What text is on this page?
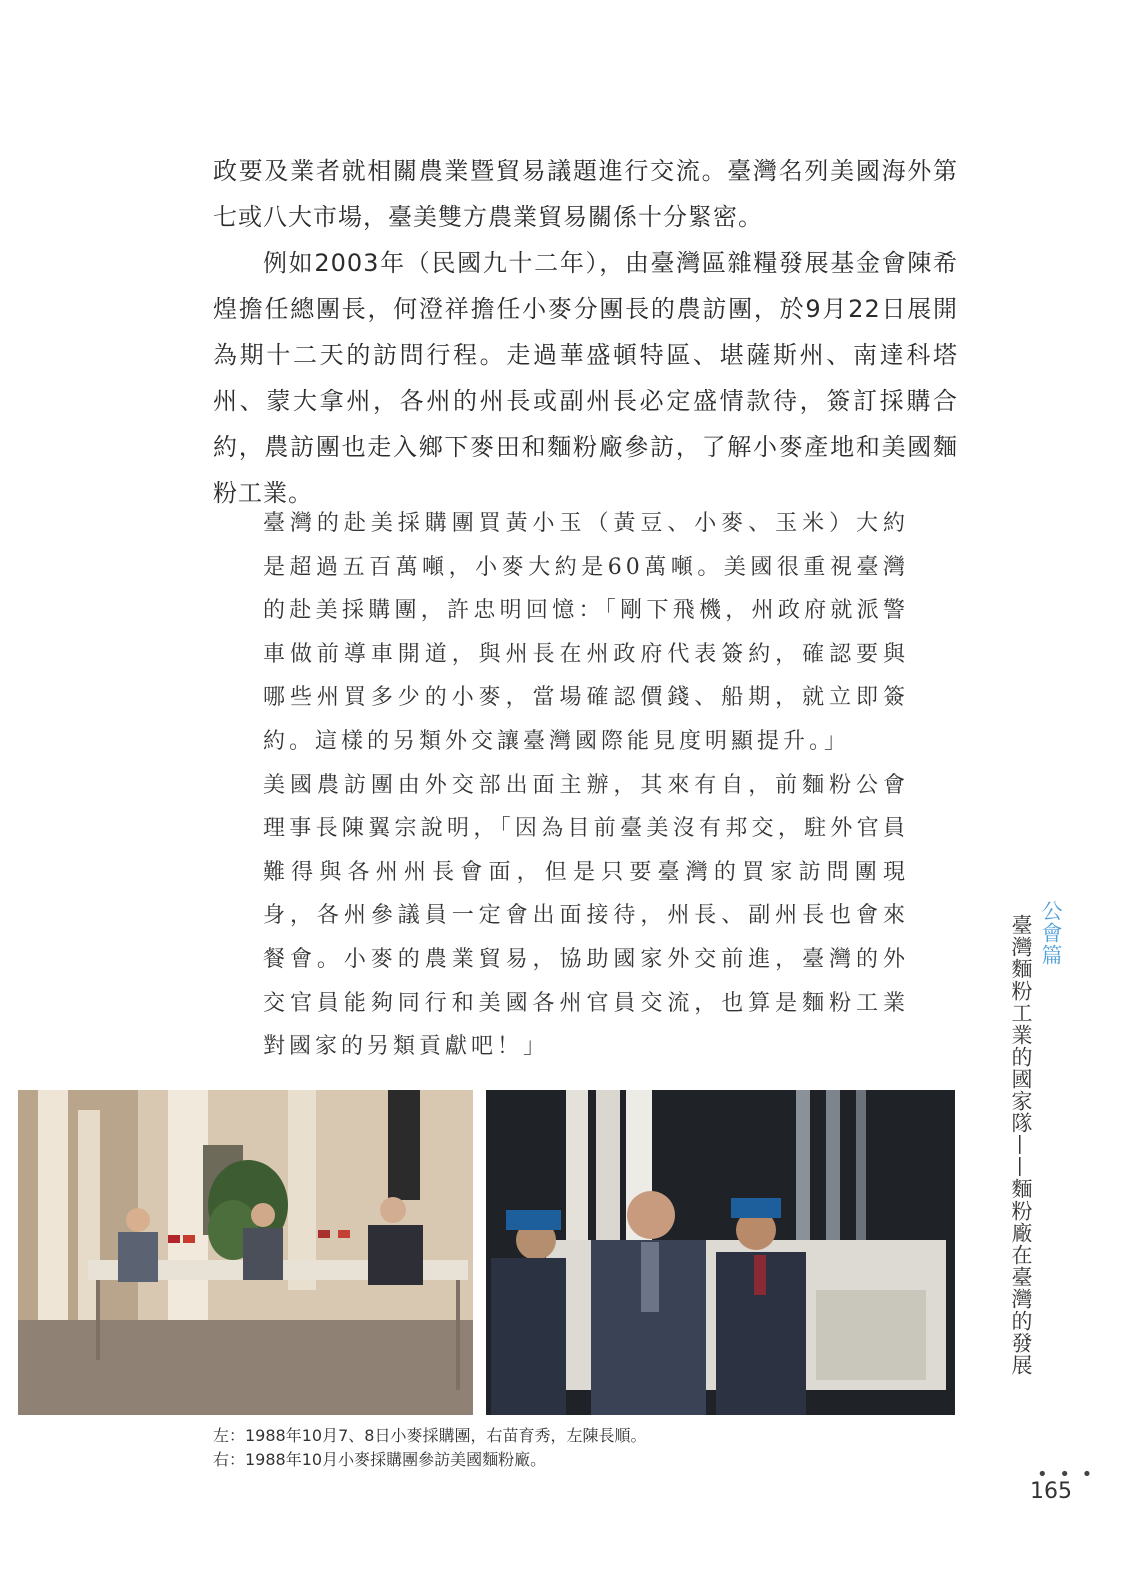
政要及業者就相關農業暨貿易議題進行交流。臺灣名列美國海外第七或八大市場，臺美雙方農業貿易關係十分緊密。

例如2003年（民國九十二年），由臺灣區雜糧發展基金會陳希煌擔任總團長，何澄祥擔任小麥分團長的農訪團，於9月22日展開為期十二天的訪問行程。走過華盛頓特區、堪薩斯州、南達科塔州、蒙大拿州，各州的州長或副州長必定盛情款待，簽訂採購合約，農訪團也走入鄉下麥田和麵粉廠參訪，了解小麥產地和美國麵粉工業。

臺灣的赴美採購團買黃小玉（黃豆、小麥、玉米）大約是超過五百萬噸，小麥大約是60萬噸。美國很重視臺灣的赴美採購團，許忠明回憶：「剛下飛機，州政府就派警車做前導車開道，與州長在州政府代表簽約，確認要與哪些州買多少的小麥，當場確認價錢、船期，就立即簽約。這樣的另類外交讓臺灣國際能見度明顯提升。」

美國農訪團由外交部出面主辦，其來有自，前麵粉公會理事長陳翼宗說明，「因為目前臺美沒有邦交，駐外官員難得與各州州長會面，但是只要臺灣的買家訪問團現身，各州參議員一定會出面接待，州長、副州長也會來餐會。小麥的農業貿易，協助國家外交前進，臺灣的外交官員能夠同行和美國各州官員交流，也算是麵粉工業對國家的另類貢獻吧！」

左：1988年10月7、8日小麥採購團，右苗育秀，左陳長順。
右：1988年10月小麥採購團參訪美國麵粉廠。
公會篇
臺灣麵粉工業的國家隊——麵粉廠在臺灣的發展
• • •
165
